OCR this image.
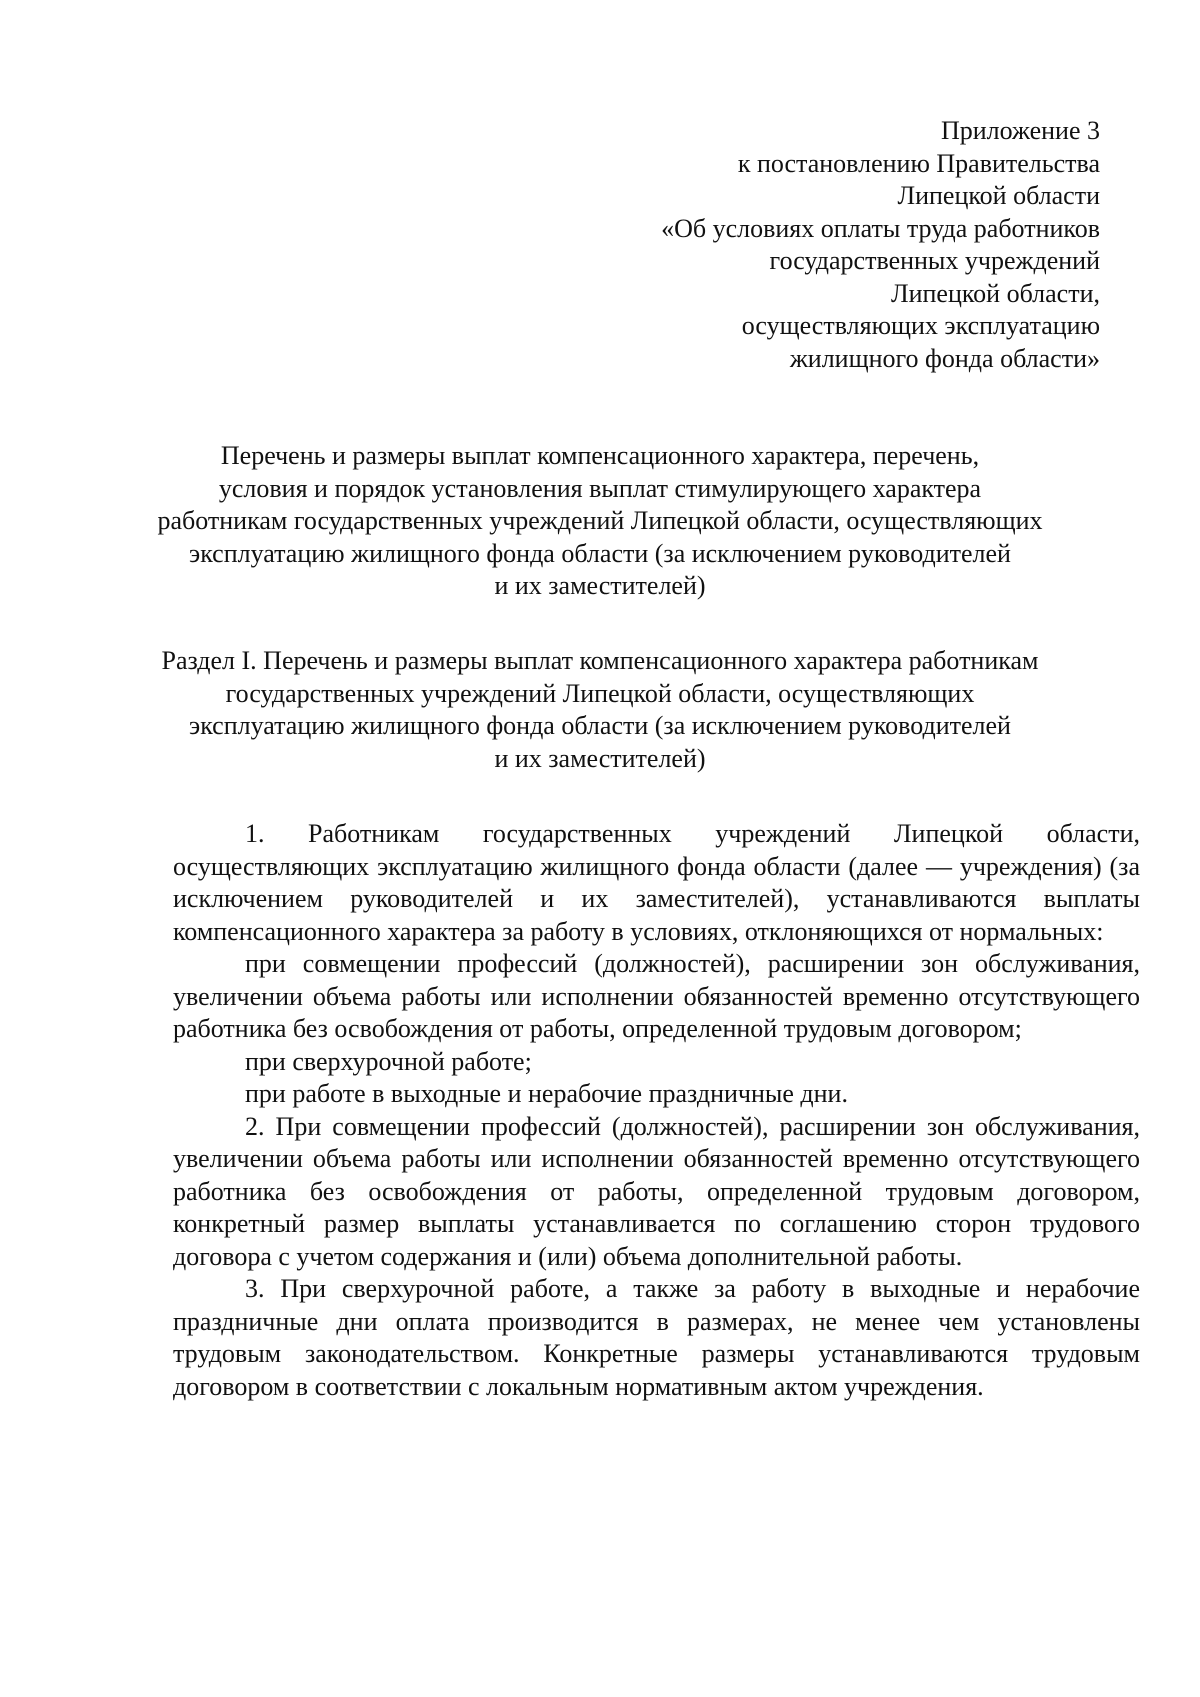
Приложение 3
к постановлению Правительства
Липецкой области
«Об условиях оплаты труда работников
государственных учреждений
Липецкой области,
осуществляющих эксплуатацию
жилищного фонда области»
Перечень и размеры выплат компенсационного характера, перечень,
условия и порядок установления выплат стимулирующего характера
работникам государственных учреждений Липецкой области, осуществляющих
эксплуатацию жилищного фонда области (за исключением руководителей
и их заместителей)
Раздел I. Перечень и размеры выплат компенсационного характера работникам
государственных учреждений Липецкой области, осуществляющих
эксплуатацию жилищного фонда области (за исключением руководителей
и их заместителей)

1. Работникам государственных учреждений Липецкой области, осуществляющих эксплуатацию жилищного фонда области (далее — учреждения) (за исключением руководителей и их заместителей), устанавливаются выплаты компенсационного характера за работу в условиях, отклоняющихся от нормальных:

при совмещении профессий (должностей), расширении зон обслуживания, увеличении объема работы или исполнении обязанностей временно отсутствующего работника без освобождения от работы, определенной трудовым договором;

при сверхурочной работе;

при работе в выходные и нерабочие праздничные дни.

2. При совмещении профессий (должностей), расширении зон обслуживания, увеличении объема работы или исполнении обязанностей временно отсутствующего работника без освобождения от работы, определенной трудовым договором, конкретный размер выплаты устанавливается по соглашению сторон трудового договора с учетом содержания и (или) объема дополнительной работы.

3. При сверхурочной работе, а также за работу в выходные и нерабочие праздничные дни оплата производится в размерах, не менее чем установлены трудовым законодательством. Конкретные размеры устанавливаются трудовым договором в соответствии с локальным нормативным актом учреждения.
